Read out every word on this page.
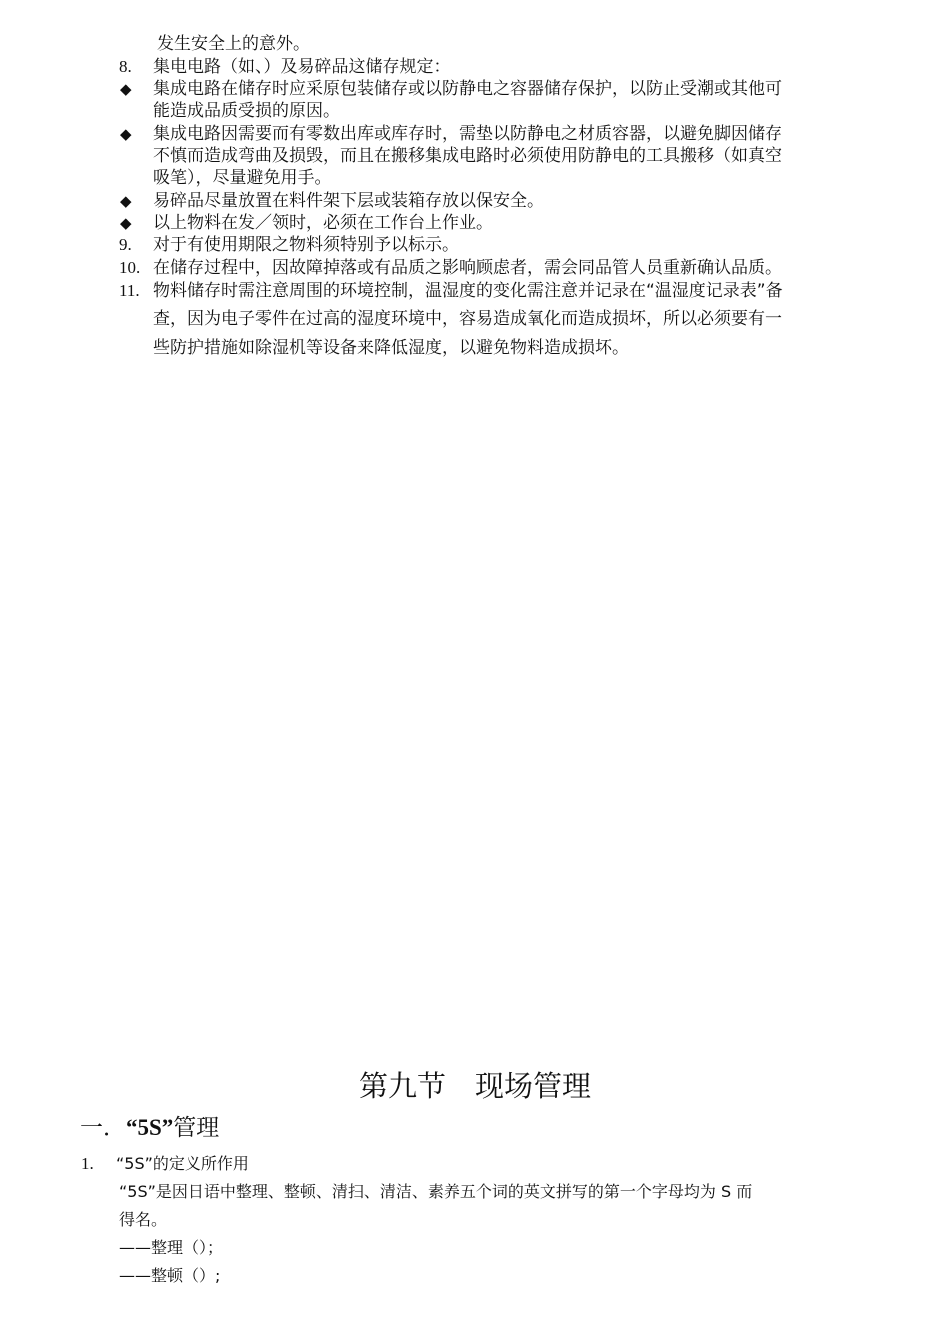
发生安全上的意外。
8. 集电电路（如、）及易碎品这储存规定：
◆ 集成电路在储存时应采原包装储存或以防静电之容器储存保护，以防止受潮或其他可
能造成品质受损的原因。
◆ 集成电路因需要而有零数出库或库存时，需垫以防静电之材质容器，以避免脚因储存
不慎而造成弯曲及损毁，而且在搬移集成电路时必须使用防静电的工具搬移（如真空
吸笔），尽量避免用手。
◆ 易碎品尽量放置在料件架下层或装箱存放以保安全。
◆ 以上物料在发／领时，必须在工作台上作业。
9. 对于有使用期限之物料须特别予以标示。
10. 在储存过程中，因故障掉落或有品质之影响顾虑者，需会同品管人员重新确认品质。
11. 物料储存时需注意周围的环境控制，温湿度的变化需注意并记录在“温湿度记录表”备
查，因为电子零件在过高的湿度环境中，容易造成氧化而造成损坏，所以必须要有一
些防护措施如除湿机等设备来降低湿度，以避免物料造成损坏。
第九节　现场管理
一．“5S”管理
1. “5S”的定义所作用
“5S”是因日语中整理、整顿、清扫、清洁、素养五个词的英文拼写的第一个字母均为 S 而
得名。
——整理（）；
——整顿（）;
